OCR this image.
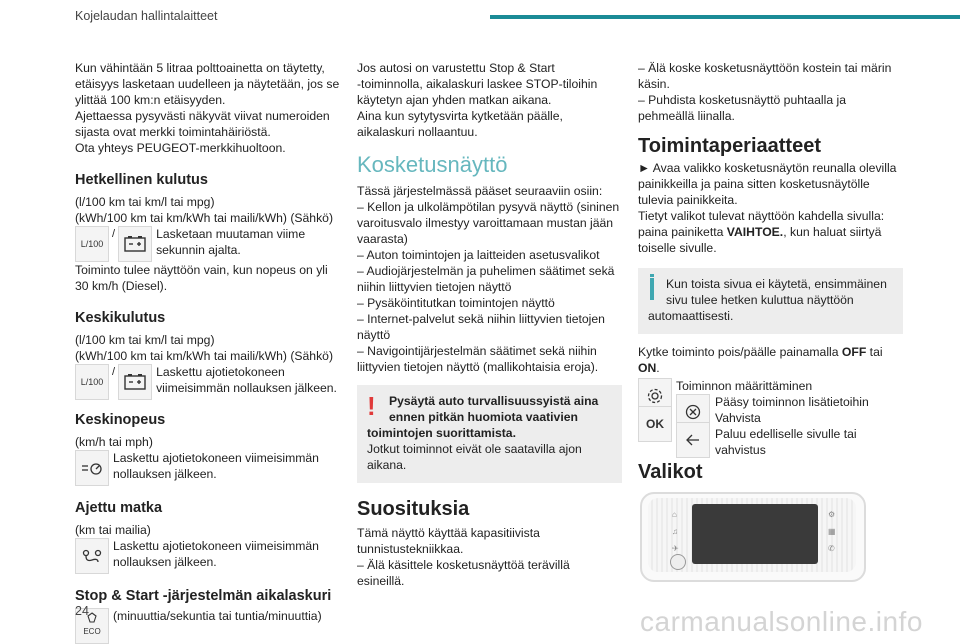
Kojelaudan hallintalaitteet

Kun vähintään 5 litraa polttoainetta on täytetty,

etäisyys lasketaan uudelleen ja näytetään, jos se

ylittää 100 km:n etäisyyden.

Ajettaessa pysyvästi näkyvät viivat numeroiden

sijasta ovat merkki toimintahäiriöstä.

Ota yhteys PEUGEOT-merkkihuoltoon.

Hetkellinen kulutus

(l/100 km tai km/l tai mpg)

(kWh/100 km tai km/kWh tai maili/kWh) (Sähkö)

L/100
/	Lasketaan muutaman viime

sekunnin ajalta.

Toiminto tulee näyttöön vain, kun nopeus on yli

30 km/h (Diesel).

Keskikulutus

(l/100 km tai km/l tai mpg)

(kWh/100 km tai km/kWh tai maili/kWh) (Sähkö)

L/100
/	Laskettu ajotietokoneen

viimeisimmän nollauksen jälkeen.

Keskinopeus

(km/h tai mph)

Laskettu ajotietokoneen viimeisimmän

nollauksen jälkeen.

Ajettu matka

(km tai mailia)

Laskettu ajotietokoneen viimeisimmän

nollauksen jälkeen.

Stop & Start -järjestelmän aikalaskuri

ECO

(minuuttia/sekuntia tai tuntia/minuuttia)

Jos autosi on varustettu Stop & Start

-toiminnolla, aikalaskuri laskee STOP-tiloihin

käytetyn ajan yhden matkan aikana.

Aina kun sytytysvirta kytketään päälle,

aikalaskuri nollaantuu.

Kosketusnäyttö

Tässä järjestelmässä pääset seuraaviin osiin:

– Kellon ja ulkolämpötilan pysyvä näyttö (sininen

varoitusvalo ilmestyy varoittamaan mustan jään

vaarasta)

– Auton toimintojen ja laitteiden asetusvalikot

– Audiojärjestelmän ja puhelimen säätimet sekä

niihin liittyvien tietojen näyttö

– Pysäköintitutkan toimintojen näyttö

– Internet-palvelut sekä niihin liittyvien tietojen

näyttö

– Navigointijärjestelmän säätimet sekä niihin

liittyvien tietojen näyttö (mallikohtaisia eroja).

!	Pysäytä auto turvallisuussyistä aina

ennen pitkän huomiota vaativien

toimintojen suorittamista.

Jotkut toiminnot eivät ole saatavilla ajon

aikana.

Suosituksia

Tämä näyttö käyttää kapasitiivista

tunnistustekniikkaa.

– Älä käsittele kosketusnäyttöä terävillä

esineillä.

– Älä koske kosketusnäyttöön kostein tai märin

käsin.

– Puhdista kosketusnäyttö puhtaalla ja

pehmeällä liinalla.

Toimintaperiaatteet

► Avaa valikko kosketusnäytön reunalla olevilla

painikkeilla ja paina sitten kosketusnäytölle

tulevia painikkeita.

Tietyt valikot tulevat näyttöön kahdella sivulla:

paina painiketta VAIHTOE., kun haluat siirtyä

toiselle sivulle.

Kun toista sivua ei käytetä, ensimmäinen

sivu tulee hetken kuluttua näyttöön

automaattisesti.

Kytke toiminto pois/päälle painamalla OFF tai

ON.

Toiminnon määrittäminen

Pääsy toiminnon lisätietoihin

OK	Vahvista

Paluu edelliselle sivulle tai

vahvistus

Valikot

⌂
♫
✈
⚙
▦
✆
24	carmanualsonline.info
